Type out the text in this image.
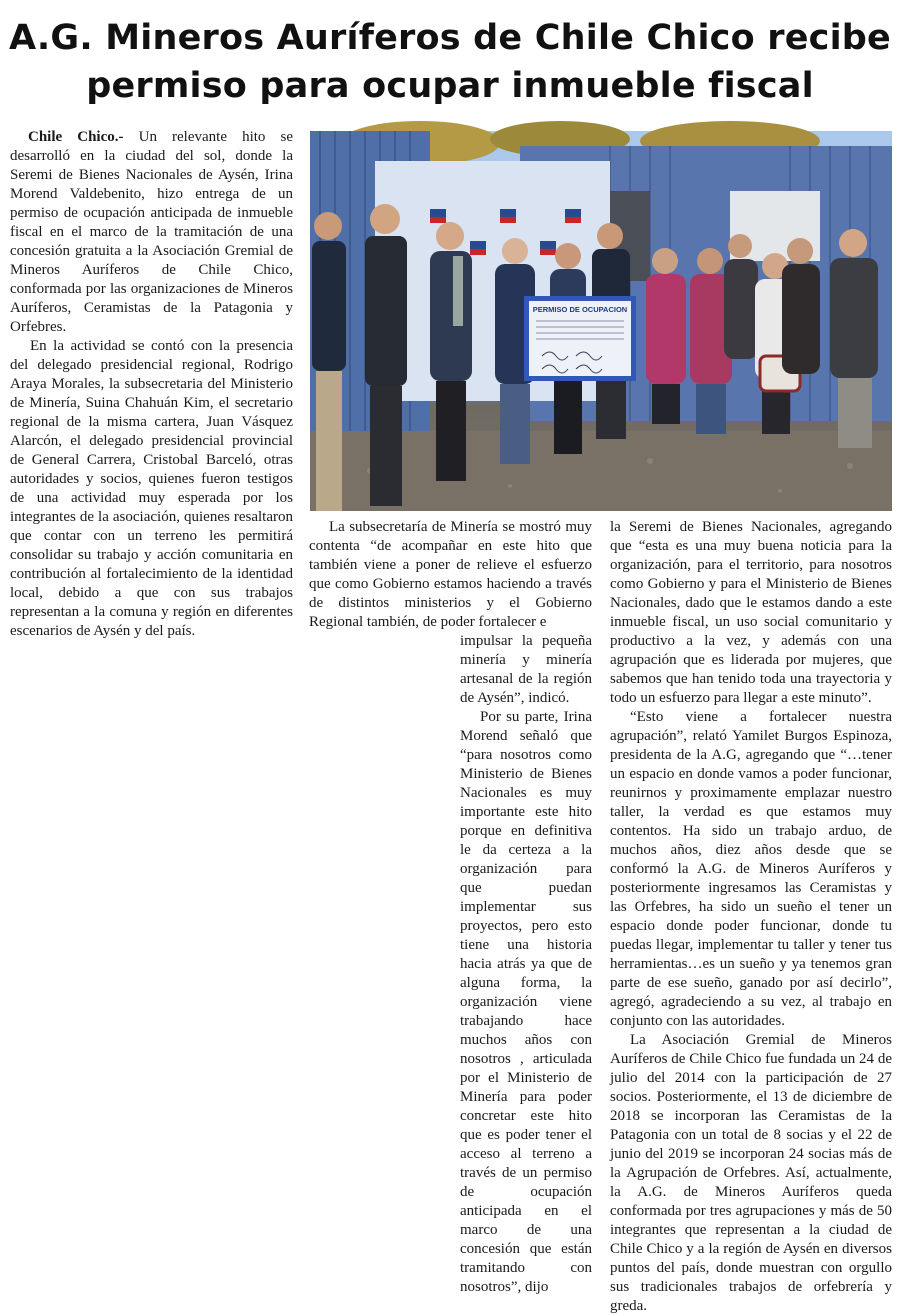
A.G. Mineros Auríferos de Chile Chico recibe
permiso para ocupar inmueble fiscal

Chile Chico.- Un relevante hito se desarrolló en la ciudad del sol, donde la Seremi de Bienes Nacionales de Aysén, Irina Morend Valdebenito, hizo entrega de un permiso de ocupación anticipada de inmueble fiscal en el marco de la tramitación de una concesión gratuita a la Asociación Gremial de Mineros Auríferos de Chile Chico, conformada por las organizaciones de Mineros Auríferos, Ceramistas de la Patagonia y Orfebres.

En la actividad se contó con la presencia del delegado presidencial regional, Rodrigo Araya Morales, la subsecretaria del Ministerio de Minería, Suina Chahuán Kim, el secretario regional de la misma cartera, Juan Vásquez Alarcón, el delegado presidencial provincial de General Carrera, Cristobal Barceló, otras autoridades y socios, quienes fueron testigos de una actividad muy esperada por los integrantes de la asociación, quienes resaltaron que contar con un terreno les permitirá consolidar su trabajo y acción comunitaria en contribución al fortalecimiento de la identidad local, debido a que con sus trabajos representan a la comuna y región en diferentes escenarios de Aysén y del país.

PERMISO DE OCUPACION

La subsecretaría de Minería se mostró muy contenta “de acompañar en este hito que también viene a poner de relieve el esfuerzo que como Gobierno estamos haciendo a través de distintos ministerios y el Gobierno Regional también, de poder fortalecer e

impulsar la pequeña minería y minería artesanal de la región de Aysén”, indicó.

Por su parte, Irina Morend señaló que “para nosotros como Ministerio de Bienes Nacionales es muy importante este hito porque en definitiva le da certeza a la organización para que puedan implementar sus proyectos, pero esto tiene una historia hacia atrás ya que de alguna forma, la organización viene trabajando hace muchos años con nosotros , articulada por el Ministerio de Minería para poder concretar este hito que es poder tener el acceso al terreno a través de un permiso de ocupación anticipada en el marco de una concesión que están tramitando con nosotros”, dijo

la Seremi de Bienes Nacionales, agregando que “esta es una muy buena noticia para la organización, para el territorio, para nosotros como Gobierno y para el Ministerio de Bienes Nacionales, dado que le estamos dando a este inmueble fiscal, un uso social comunitario y productivo a la vez, y además con una agrupación que es liderada por mujeres, que sabemos que han tenido toda una trayectoria y todo un esfuerzo para llegar a este minuto”.

“Esto viene a fortalecer nuestra agrupación”, relató Yamilet Burgos Espinoza, presidenta de la A.G, agregando que “…tener un espacio en donde vamos a poder funcionar, reunirnos y proximamente emplazar nuestro taller, la verdad es que estamos muy contentos. Ha sido un trabajo arduo, de muchos años, diez años desde que se conformó la A.G. de Mineros Auríferos y posteriormente ingresamos las Ceramistas y las Orfebres, ha sido un sueño el tener un espacio donde poder funcionar, donde tu puedas llegar, implementar tu taller y tener tus herramientas…es un sueño y ya tenemos gran parte de ese sueño, ganado por así decirlo”, agregó, agradeciendo a su vez, al trabajo en conjunto con las autoridades.

La Asociación Gremial de Mineros Auríferos de Chile Chico fue fundada un 24 de julio del 2014 con la participación de 27 socios. Posteriormente, el 13 de diciembre de 2018 se incorporan las Ceramistas de la Patagonia con un total de 8 socias y el 22 de junio del 2019 se incorporan 24 socias más de la Agrupación de Orfebres. Así, actualmente, la A.G. de Mineros Auríferos queda conformada por tres agrupaciones y más de 50 integrantes que representan a la ciudad de Chile Chico y a la región de Aysén en diversos puntos del país, donde muestran con orgullo sus tradicionales trabajos de orfebrería y greda.
